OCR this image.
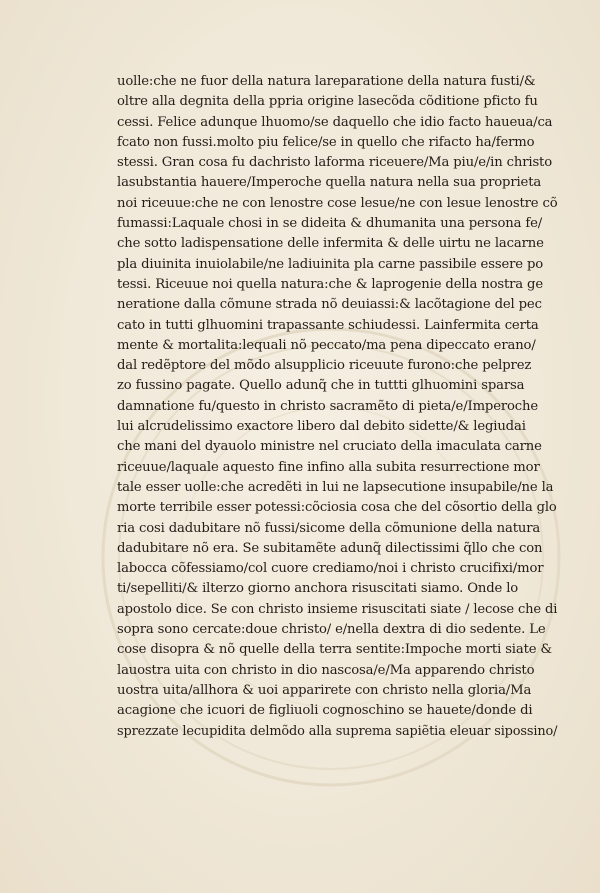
uolle:che ne fuor della natura lareparatione della natura fusti/&
oltre alla degnita della ppria origine lasecõda cõditione pficto fu
cessi. Felice adunque lhuomo/se daquello che idio facto haueua/ca
fcato non fussi.molto piu felice/se in quello che rifacto ha/fermo
stessi. Gran cosa fu dachristo laforma riceuere/Ma piu/e/in christo
lasubstantia hauere/Imperoche quella natura nella sua proprieta
noi riceuue:che ne con lenostre cose lesue/ne con lesue lenostre cõ
fumassi:Laquale chosi in se dideita & dhumanita una persona fe/
che sotto ladispensatione delle infermita & delle uirtu ne lacarne
pla diuinita inuiolabile/ne ladiuinita pla carne passibile essere po
tessi. Riceuue noi quella natura:che & laprogenie della nostra ge
neratione dalla cõmune strada nõ deuiassi:& lacõtagione del pec
cato in tutti glhuomini trapassante schiudessi. Lainfermita certa
mente & mortalita:lequali nõ peccato/ma pena dipeccato erano/
dal redẽptore del mõdo alsupplicio riceuute furono:che pelprez
zo fussino pagate. Quello adunq̃ che in tuttti glhuomini sparsa
damnatione fu/questo in christo sacramẽto di pieta/e/Imperoche
lui alcrudelissimo exactore libero dal debito sidette/& legiudai
che mani del dyauolo ministre nel cruciato della imaculata carne
riceuue/laquale aquesto fine infino alla subita resurrectione mor
tale esser uolle:che acredẽti in lui ne lapsecutione insupabile/ne la
morte terribile esser potessi:cõciosia cosa che del cõsortio della glo
ria cosi dadubitare nõ fussi/sicome della cõmunione della natura
dadubitare nõ era. Se subitamẽte adunq̃ dilectissimi q̃llo che con
labocca cõfessiamo/col cuore crediamo/noi i christo crucifixi/mor
ti/sepelliti/& ilterzo giorno anchora risuscitati siamo. Onde lo
apostolo dice. Se con christo insieme risuscitati siate / lecose che di
sopra sono cercate:doue christo/ e/nella dextra di dio sedente. Le
cose disopra & nõ quelle della terra sentite:Impoche morti siate &
lauostra uita con christo in dio nascosa/e/Ma apparendo christo
uostra uita/allhora & uoi apparirete con christo nella gloria/Ma
acagione che icuori de figliuoli cognoschino se hauete/donde di
sprezzate lecupidita delmõdo alla suprema sapiẽtia eleuar sipossino/
